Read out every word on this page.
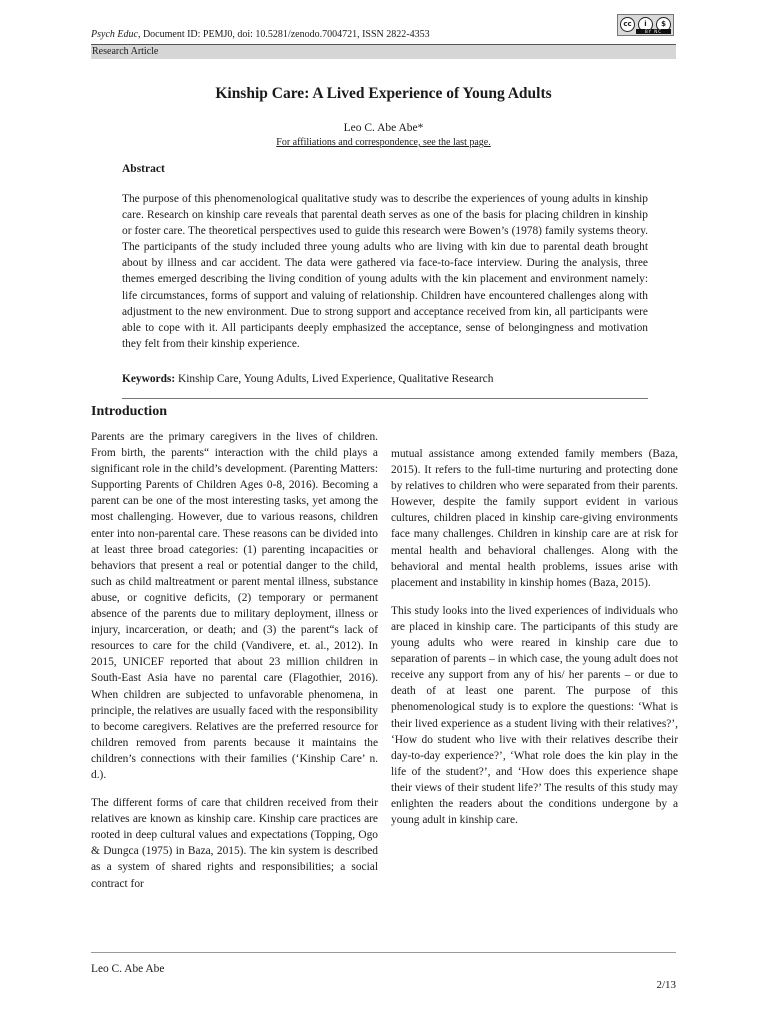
Psych Educ, Document ID: PEMJ0, doi: 10.5281/zenodo.7004721, ISSN 2822-4353
cc	i	$
BY NC
Research Article
Kinship Care: A Lived Experience of Young Adults
Leo C. Abe Abe*
For affiliations and correspondence, see the last page.
Abstract
The purpose of this phenomenological qualitative study was to describe the experiences of young adults in kinship care. Research on kinship care reveals that parental death serves as one of the basis for placing children in kinship or foster care. The theoretical perspectives used to guide this research were Bowen’s (1978) family systems theory. The participants of the study included three young adults who are living with kin due to parental death brought about by illness and car accident. The data were gathered via face-to-face interview. During the analysis, three themes emerged describing the living condition of young adults with the kin placement and environment namely: life circumstances, forms of support and valuing of relationship. Children have encountered challenges along with adjustment to the new environment. Due to strong support and acceptance received from kin, all participants were able to cope with it. All participants deeply emphasized the acceptance, sense of belongingness and motivation they felt from their kinship experience.
Keywords: Kinship Care, Young Adults, Lived Experience, Qualitative Research
Introduction

Parents are the primary caregivers in the lives of children. From birth, the parents“ interaction with the child plays a significant role in the child’s development. (Parenting Matters: Supporting Parents of Children Ages 0-8, 2016). Becoming a parent can be one of the most interesting tasks, yet among the most challenging. However, due to various reasons, children enter into non-parental care. These reasons can be divided into at least three broad categories: (1) parenting incapacities or behaviors that present a real or potential danger to the child, such as child maltreatment or parent mental illness, substance abuse, or cognitive deficits, (2) temporary or permanent absence of the parents due to military deployment, illness or injury, incarceration, or death; and (3) the parent“s lack of resources to care for the child (Vandivere, et. al., 2012). In 2015, UNICEF reported that about 23 million children in South-East Asia have no parental care (Flagothier, 2016). When children are subjected to unfavorable phenomena, in principle, the relatives are usually faced with the responsibility to become caregivers. Relatives are the preferred resource for children removed from parents because it maintains the children’s connections with their families (‘Kinship Care’ n. d.).

The different forms of care that children received from their relatives are known as kinship care. Kinship care practices are rooted in deep cultural values and expectations (Topping, Ogo & Dungca (1975) in Baza, 2015). The kin system is described as a system of shared rights and responsibilities; a social contract for

mutual assistance among extended family members (Baza, 2015). It refers to the full-time nurturing and protecting done by relatives to children who were separated from their parents. However, despite the family support evident in various cultures, children placed in kinship care-giving environments face many challenges. Children in kinship care are at risk for mental health and behavioral challenges. Along with the behavioral and mental health problems, issues arise with placement and instability in kinship homes (Baza, 2015).

This study looks into the lived experiences of individuals who are placed in kinship care. The participants of this study are young adults who were reared in kinship care due to separation of parents – in which case, the young adult does not receive any support from any of his/ her parents – or due to death of at least one parent. The purpose of this phenomenological study is to explore the questions: ‘What is their lived experience as a student living with their relatives?’, ‘How do student who live with their relatives describe their day-to-day experience?’, ‘What role does the kin play in the life of the student?’, and ‘How does this experience shape their views of their student life?’ The results of this study may enlighten the readers about the conditions undergone by a young adult in kinship care.

Leo C. Abe Abe
2/13
